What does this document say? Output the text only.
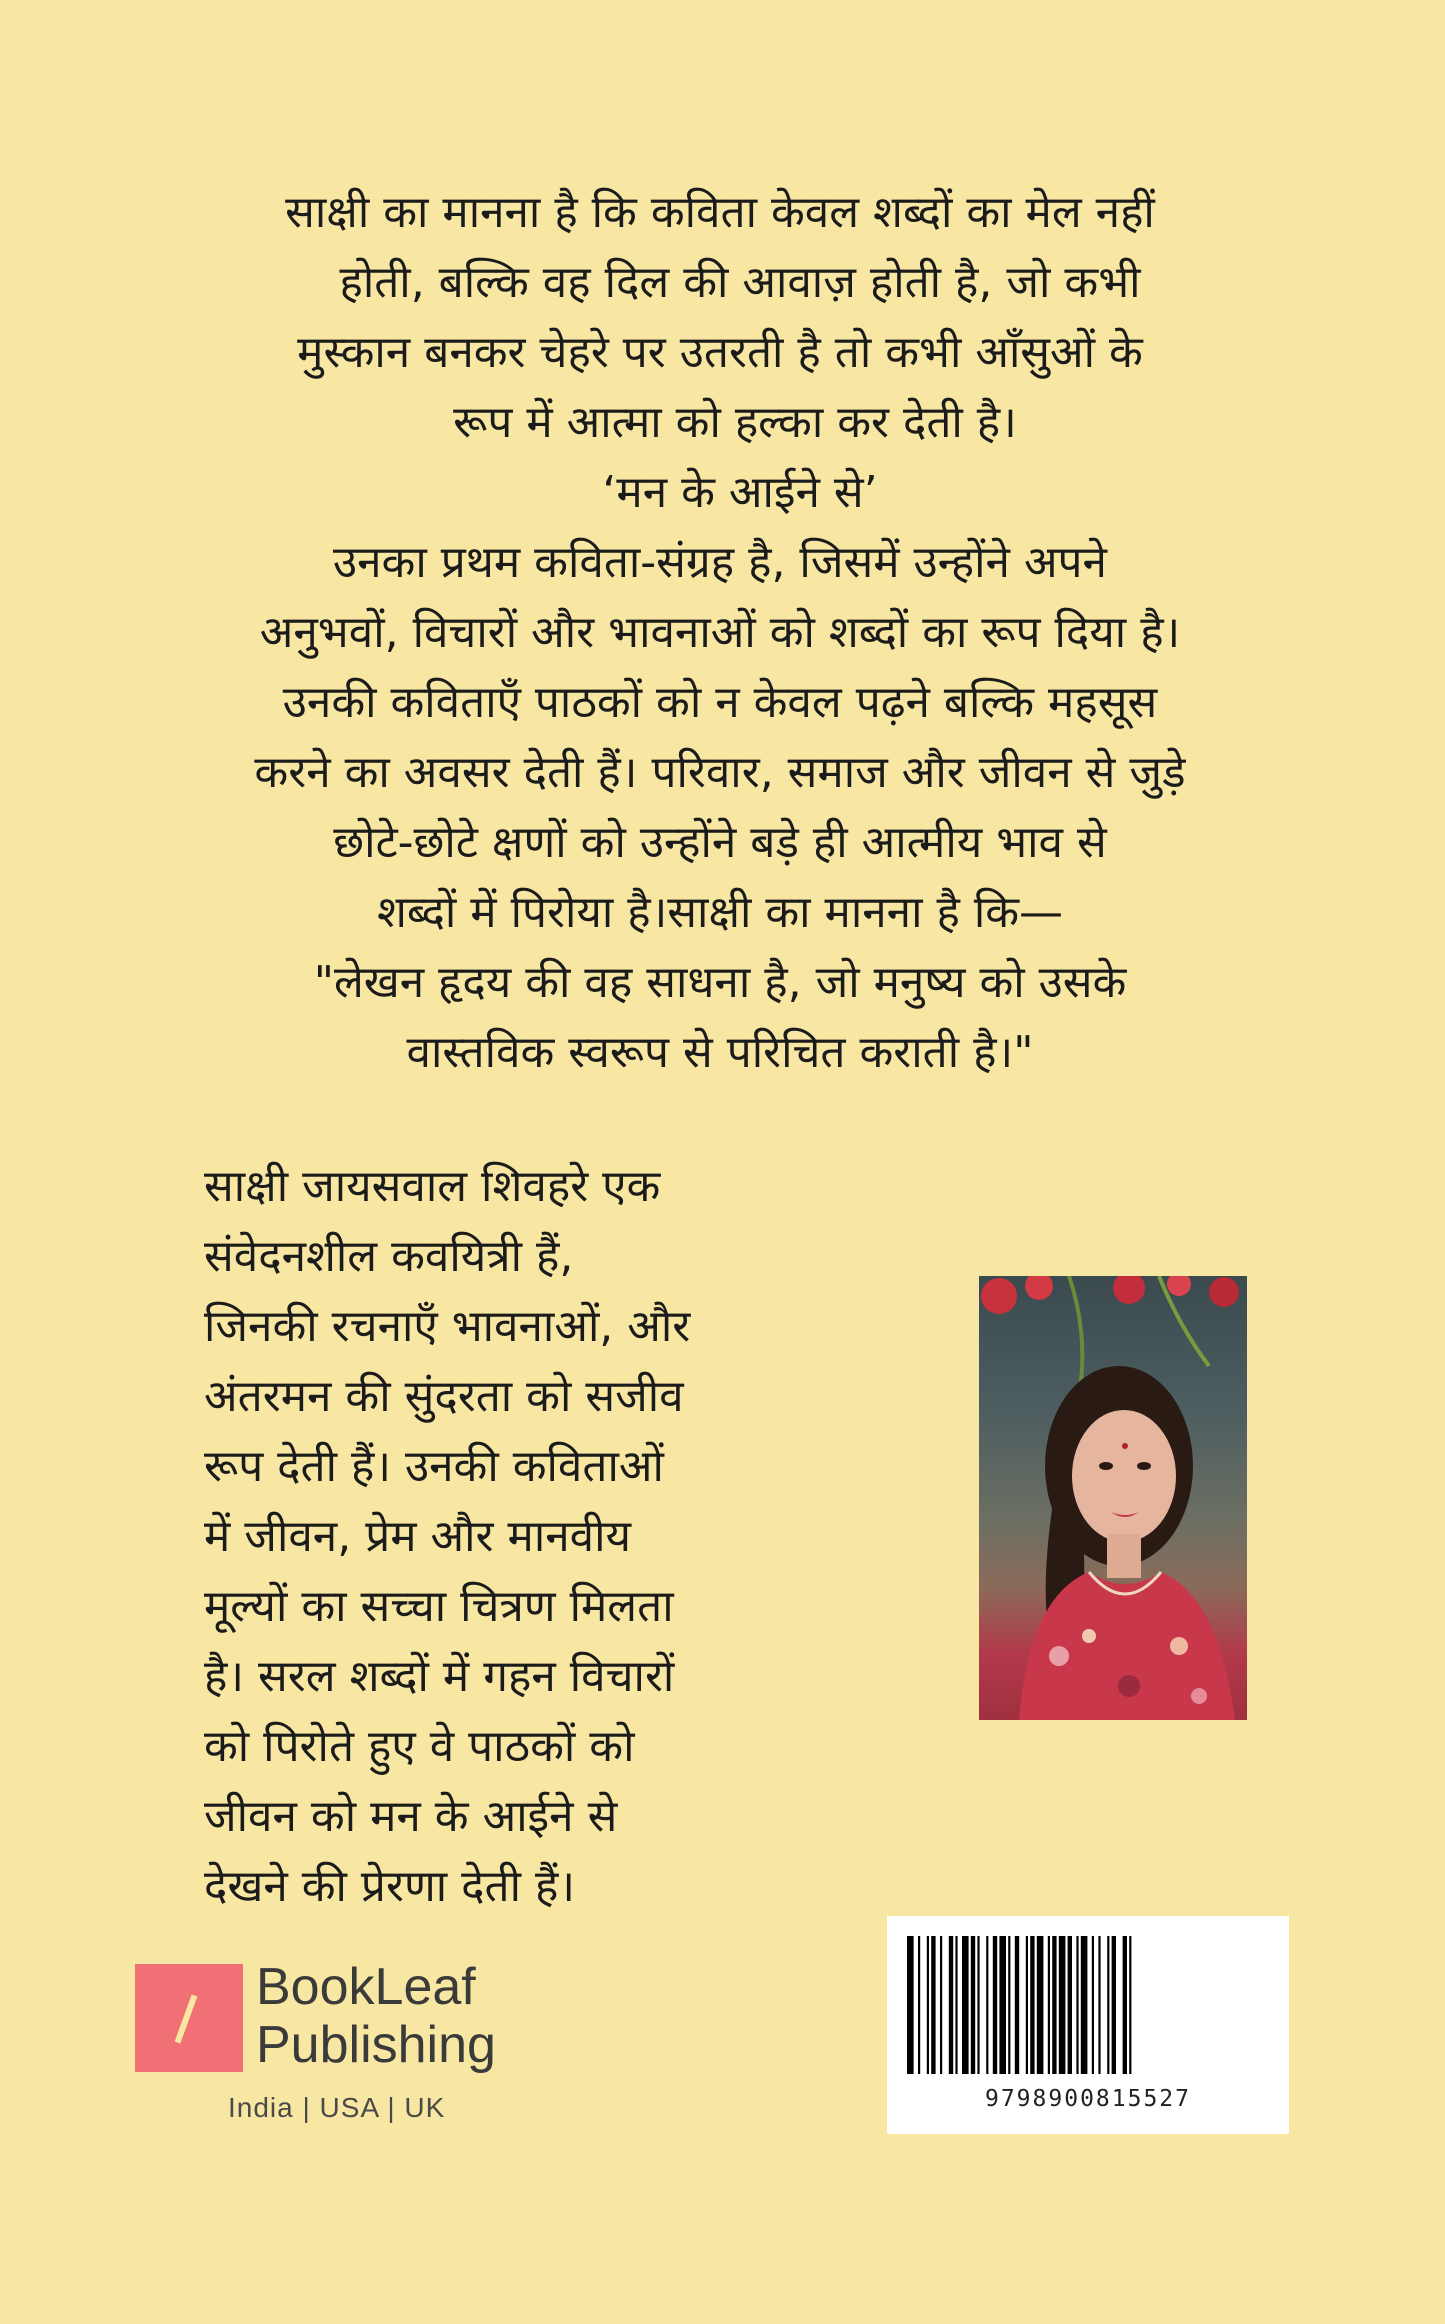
साक्षी का मानना है कि कविता केवल शब्दों का मेल नहीं
होती, बल्कि वह दिल की आवाज़ होती है, जो कभी
मुस्कान बनकर चेहरे पर उतरती है तो कभी आँसुओं के
रूप में आत्मा को हल्का कर देती है।
‘मन के आईने से’
उनका प्रथम कविता-संग्रह है, जिसमें उन्होंने अपने
अनुभवों, विचारों और भावनाओं को शब्दों का रूप दिया है।
उनकी कविताएँ पाठकों को न केवल पढ़ने बल्कि महसूस
करने का अवसर देती हैं। परिवार, समाज और जीवन से जुड़े
छोटे-छोटे क्षणों को उन्होंने बड़े ही आत्मीय भाव से
शब्दों में पिरोया है।साक्षी का मानना है कि—
"लेखन हृदय की वह साधना है, जो मनुष्य को उसके
वास्तविक स्वरूप से परिचित कराती है।"
साक्षी जायसवाल शिवहरे एक
संवेदनशील कवयित्री हैं,
जिनकी रचनाएँ भावनाओं, और
अंतरमन की सुंदरता को सजीव
रूप देती हैं। उनकी कविताओं
में जीवन, प्रेम और मानवीय
मूल्यों का सच्चा चित्रण मिलता
है। सरल शब्दों में गहन विचारों
को पिरोते हुए वे पाठकों को
जीवन को मन के आईने से
देखने की प्रेरणा देती हैं।
BookLeaf
Publishing
India | USA | UK	9798900815527
